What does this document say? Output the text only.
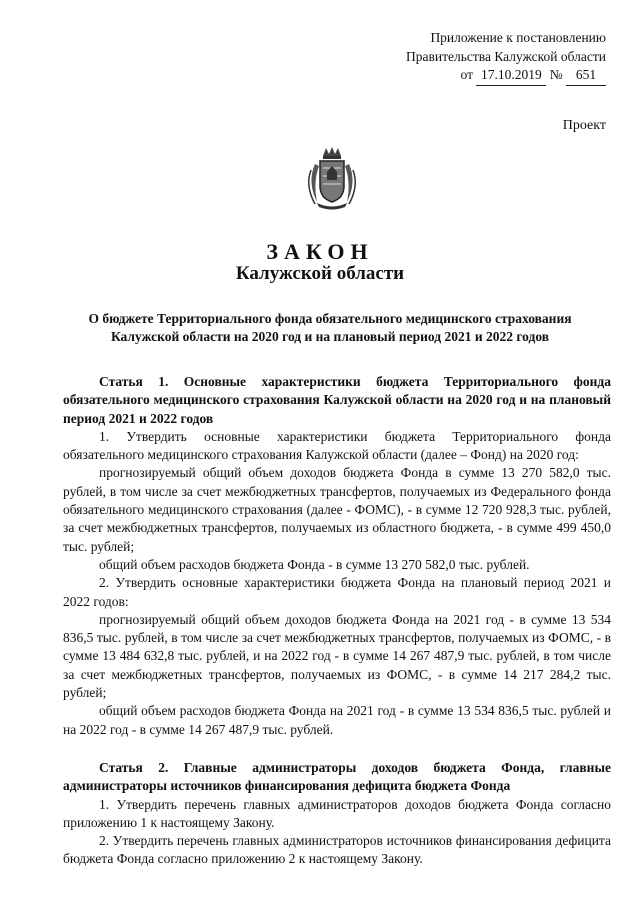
Приложение к постановлению
Правительства Калужской области
от 17.10.2019 № 651
Проект
ЗАКОН
Калужской области
О бюджете Территориального фонда обязательного медицинского страхования Калужской области на 2020 год и на плановый период 2021 и 2022 годов

Статья 1. Основные характеристики бюджета Территориального фонда обязательного медицинского страхования Калужской области на 2020 год и на плановый период 2021 и 2022 годов

1. Утвердить основные характеристики бюджета Территориального фонда обязательного медицинского страхования Калужской области (далее – Фонд) на 2020 год:

прогнозируемый общий объем доходов бюджета Фонда в сумме 13 270 582,0 тыс. рублей, в том числе за счет межбюджетных трансфертов, получаемых из Федерального фонда обязательного медицинского страхования (далее - ФОМС), - в сумме 12 720 928,3 тыс. рублей, за счет межбюджетных трансфертов, получаемых из областного бюджета, - в сумме 499 450,0 тыс. рублей;

общий объем расходов бюджета Фонда - в сумме 13 270 582,0 тыс. рублей.

2. Утвердить основные характеристики бюджета Фонда на плановый период 2021 и 2022 годов:

прогнозируемый общий объем доходов бюджета Фонда на 2021 год - в сумме 13 534 836,5 тыс. рублей, в том числе за счет межбюджетных трансфертов, получаемых из ФОМС, - в сумме 13 484 632,8 тыс. рублей, и на 2022 год - в сумме 14 267 487,9 тыс. рублей, в том числе за счет межбюджетных трансфертов, получаемых из ФОМС, - в сумме 14 217 284,2 тыс. рублей;

общий объем расходов бюджета Фонда на 2021 год - в сумме 13 534 836,5 тыс. рублей и на 2022 год - в сумме 14 267 487,9 тыс. рублей.

Статья 2. Главные администраторы доходов бюджета Фонда, главные администраторы источников финансирования дефицита бюджета Фонда

1. Утвердить перечень главных администраторов доходов бюджета Фонда согласно приложению 1 к настоящему Закону.

2. Утвердить перечень главных администраторов источников финансирования дефицита бюджета Фонда согласно приложению 2 к настоящему Закону.
